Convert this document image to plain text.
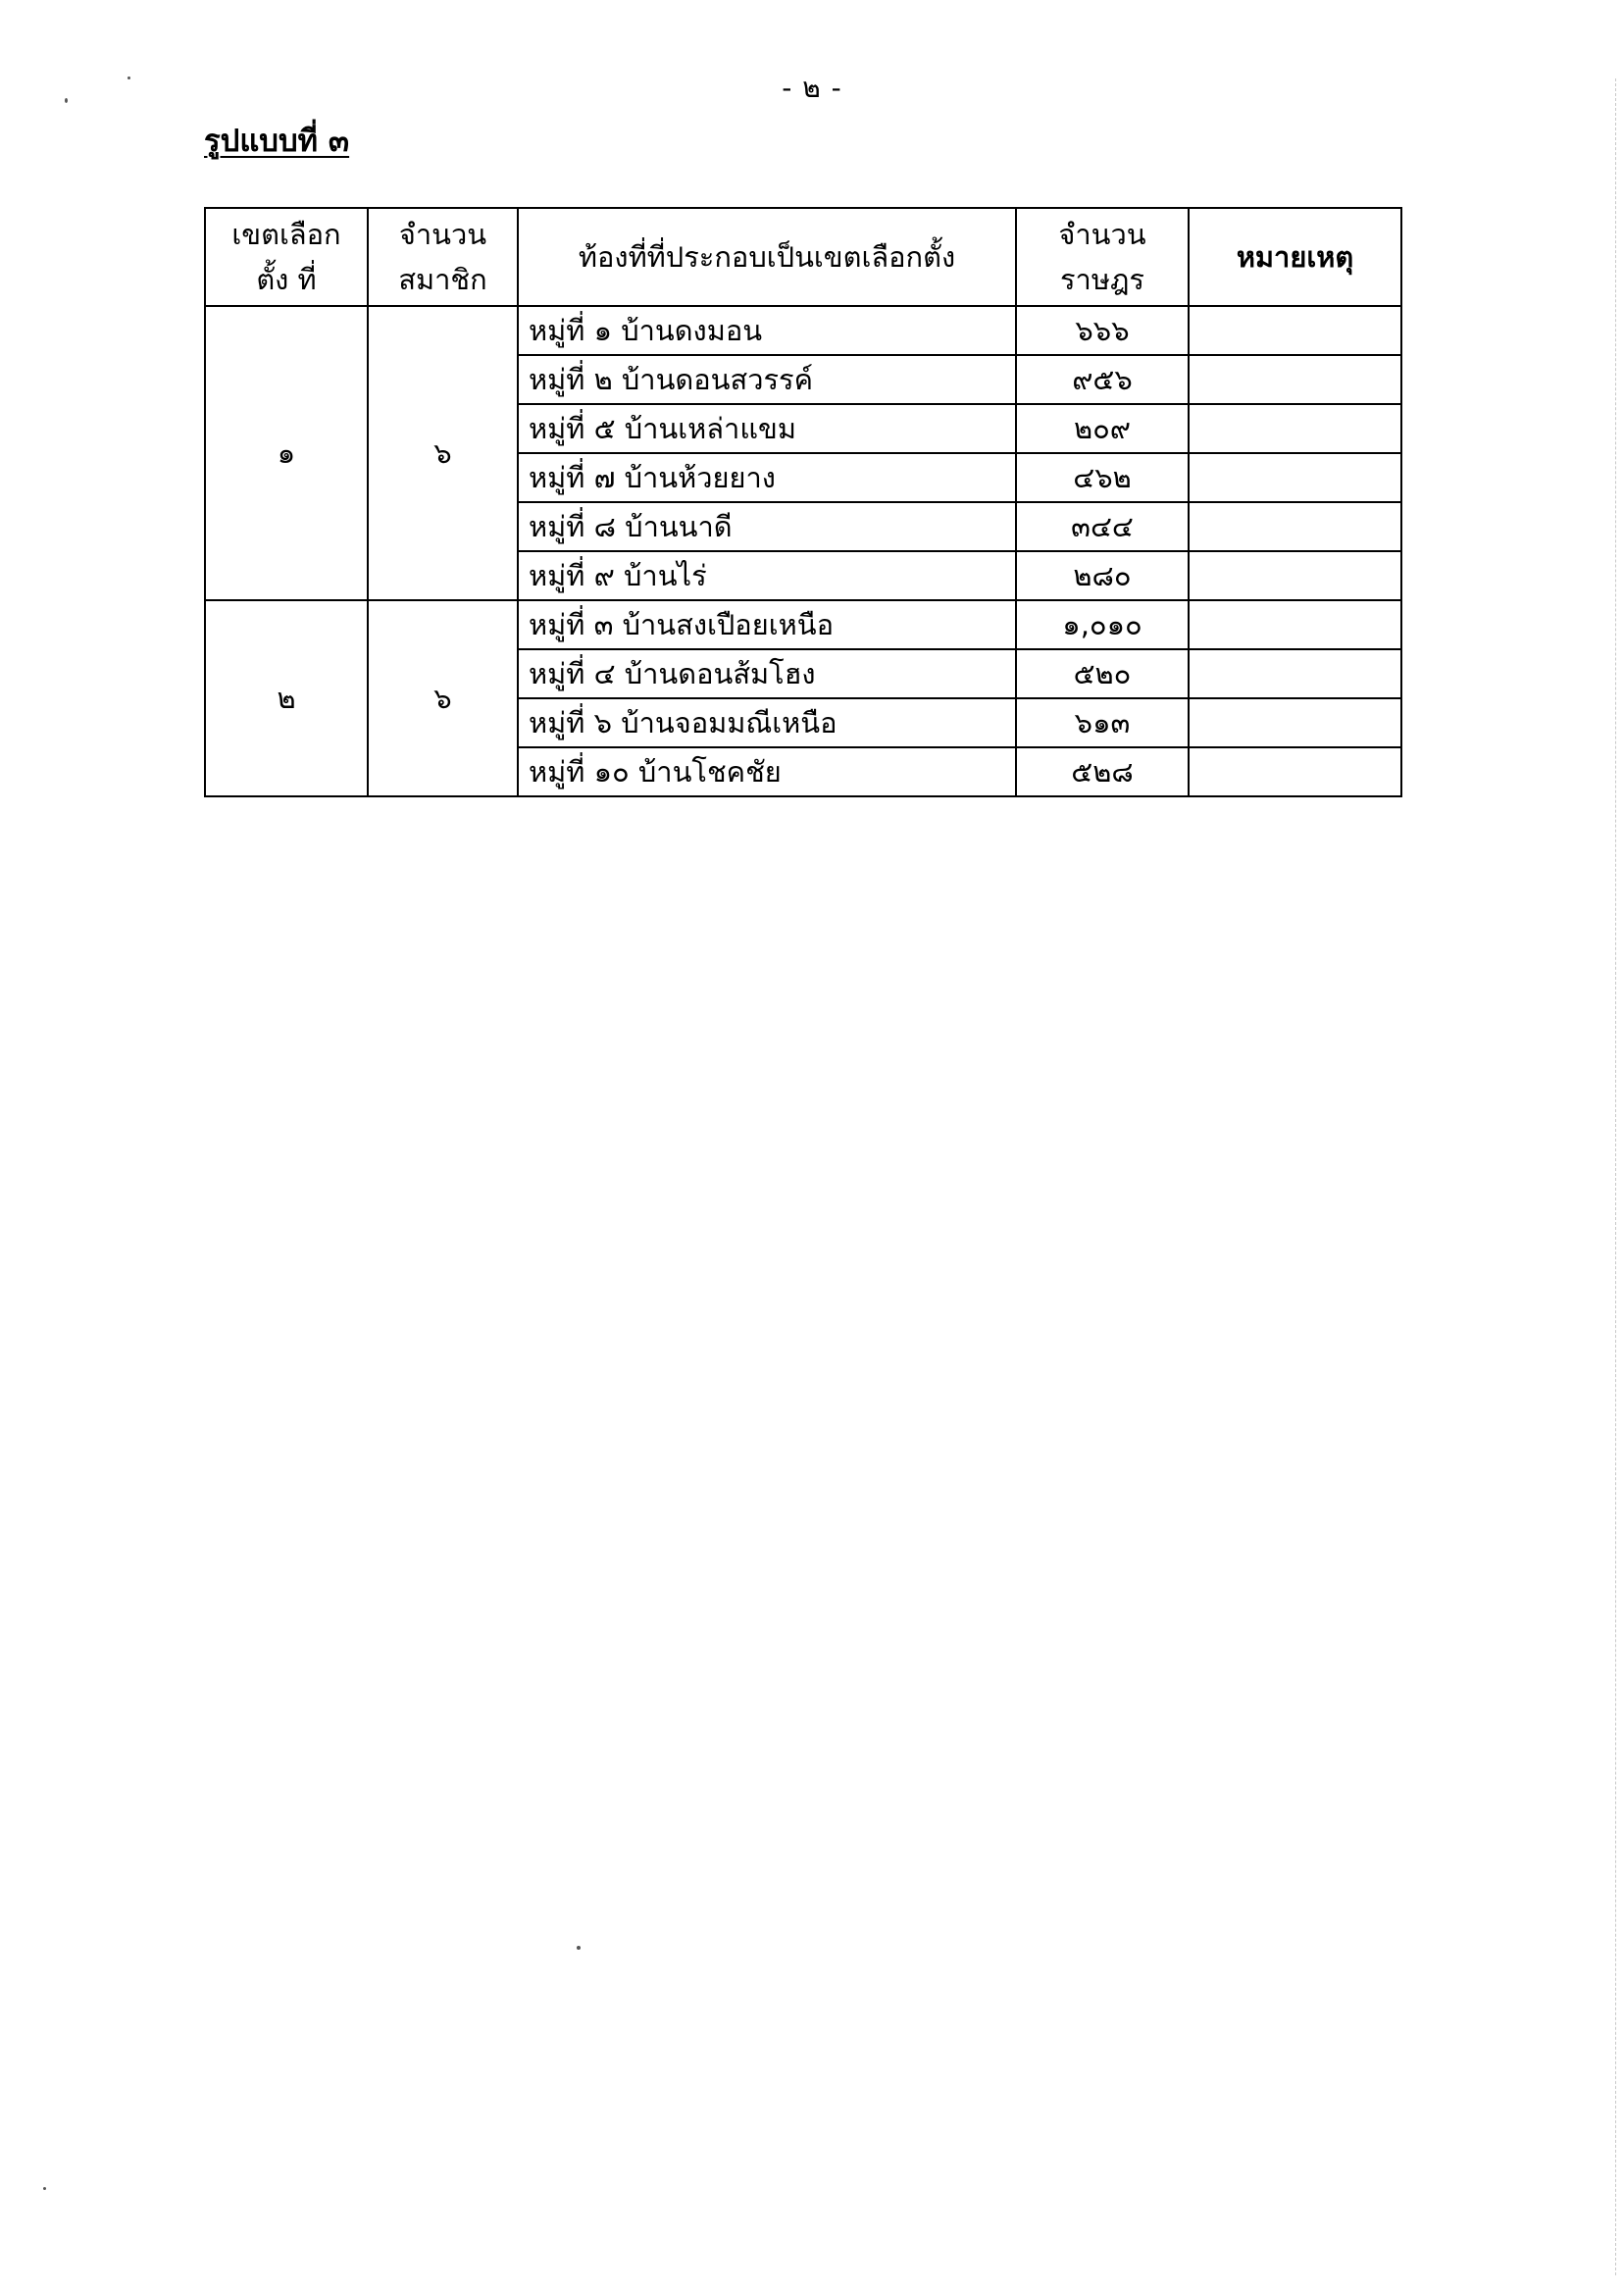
- ๒ -
รูปแบบที่ ๓
เขตเลือกตั้ง ที่	จำนวน สมาชิก	ท้องที่ที่ประกอบเป็นเขตเลือกตั้ง	จำนวน ราษฎร	หมายเหตุ
๑	๖	หมู่ที่ ๑ บ้านดงมอน	๖๖๖	
		หมู่ที่ ๒ บ้านดอนสวรรค์	๙๕๖	
		หมู่ที่ ๕ บ้านเหล่าแขม	๒๐๙	
		หมู่ที่ ๗ บ้านห้วยยาง	๔๖๒	
		หมู่ที่ ๘ บ้านนาดี	๓๔๔	
		หมู่ที่ ๙ บ้านไร่	๒๘๐	
๒	๖	หมู่ที่ ๓ บ้านสงเปือยเหนือ	๑,๐๑๐	
		หมู่ที่ ๔ บ้านดอนส้มโฮง	๕๒๐	
		หมู่ที่ ๖ บ้านจอมมณีเหนือ	๖๑๓	
		หมู่ที่ ๑๐ บ้านโชคชัย	๕๒๘	
